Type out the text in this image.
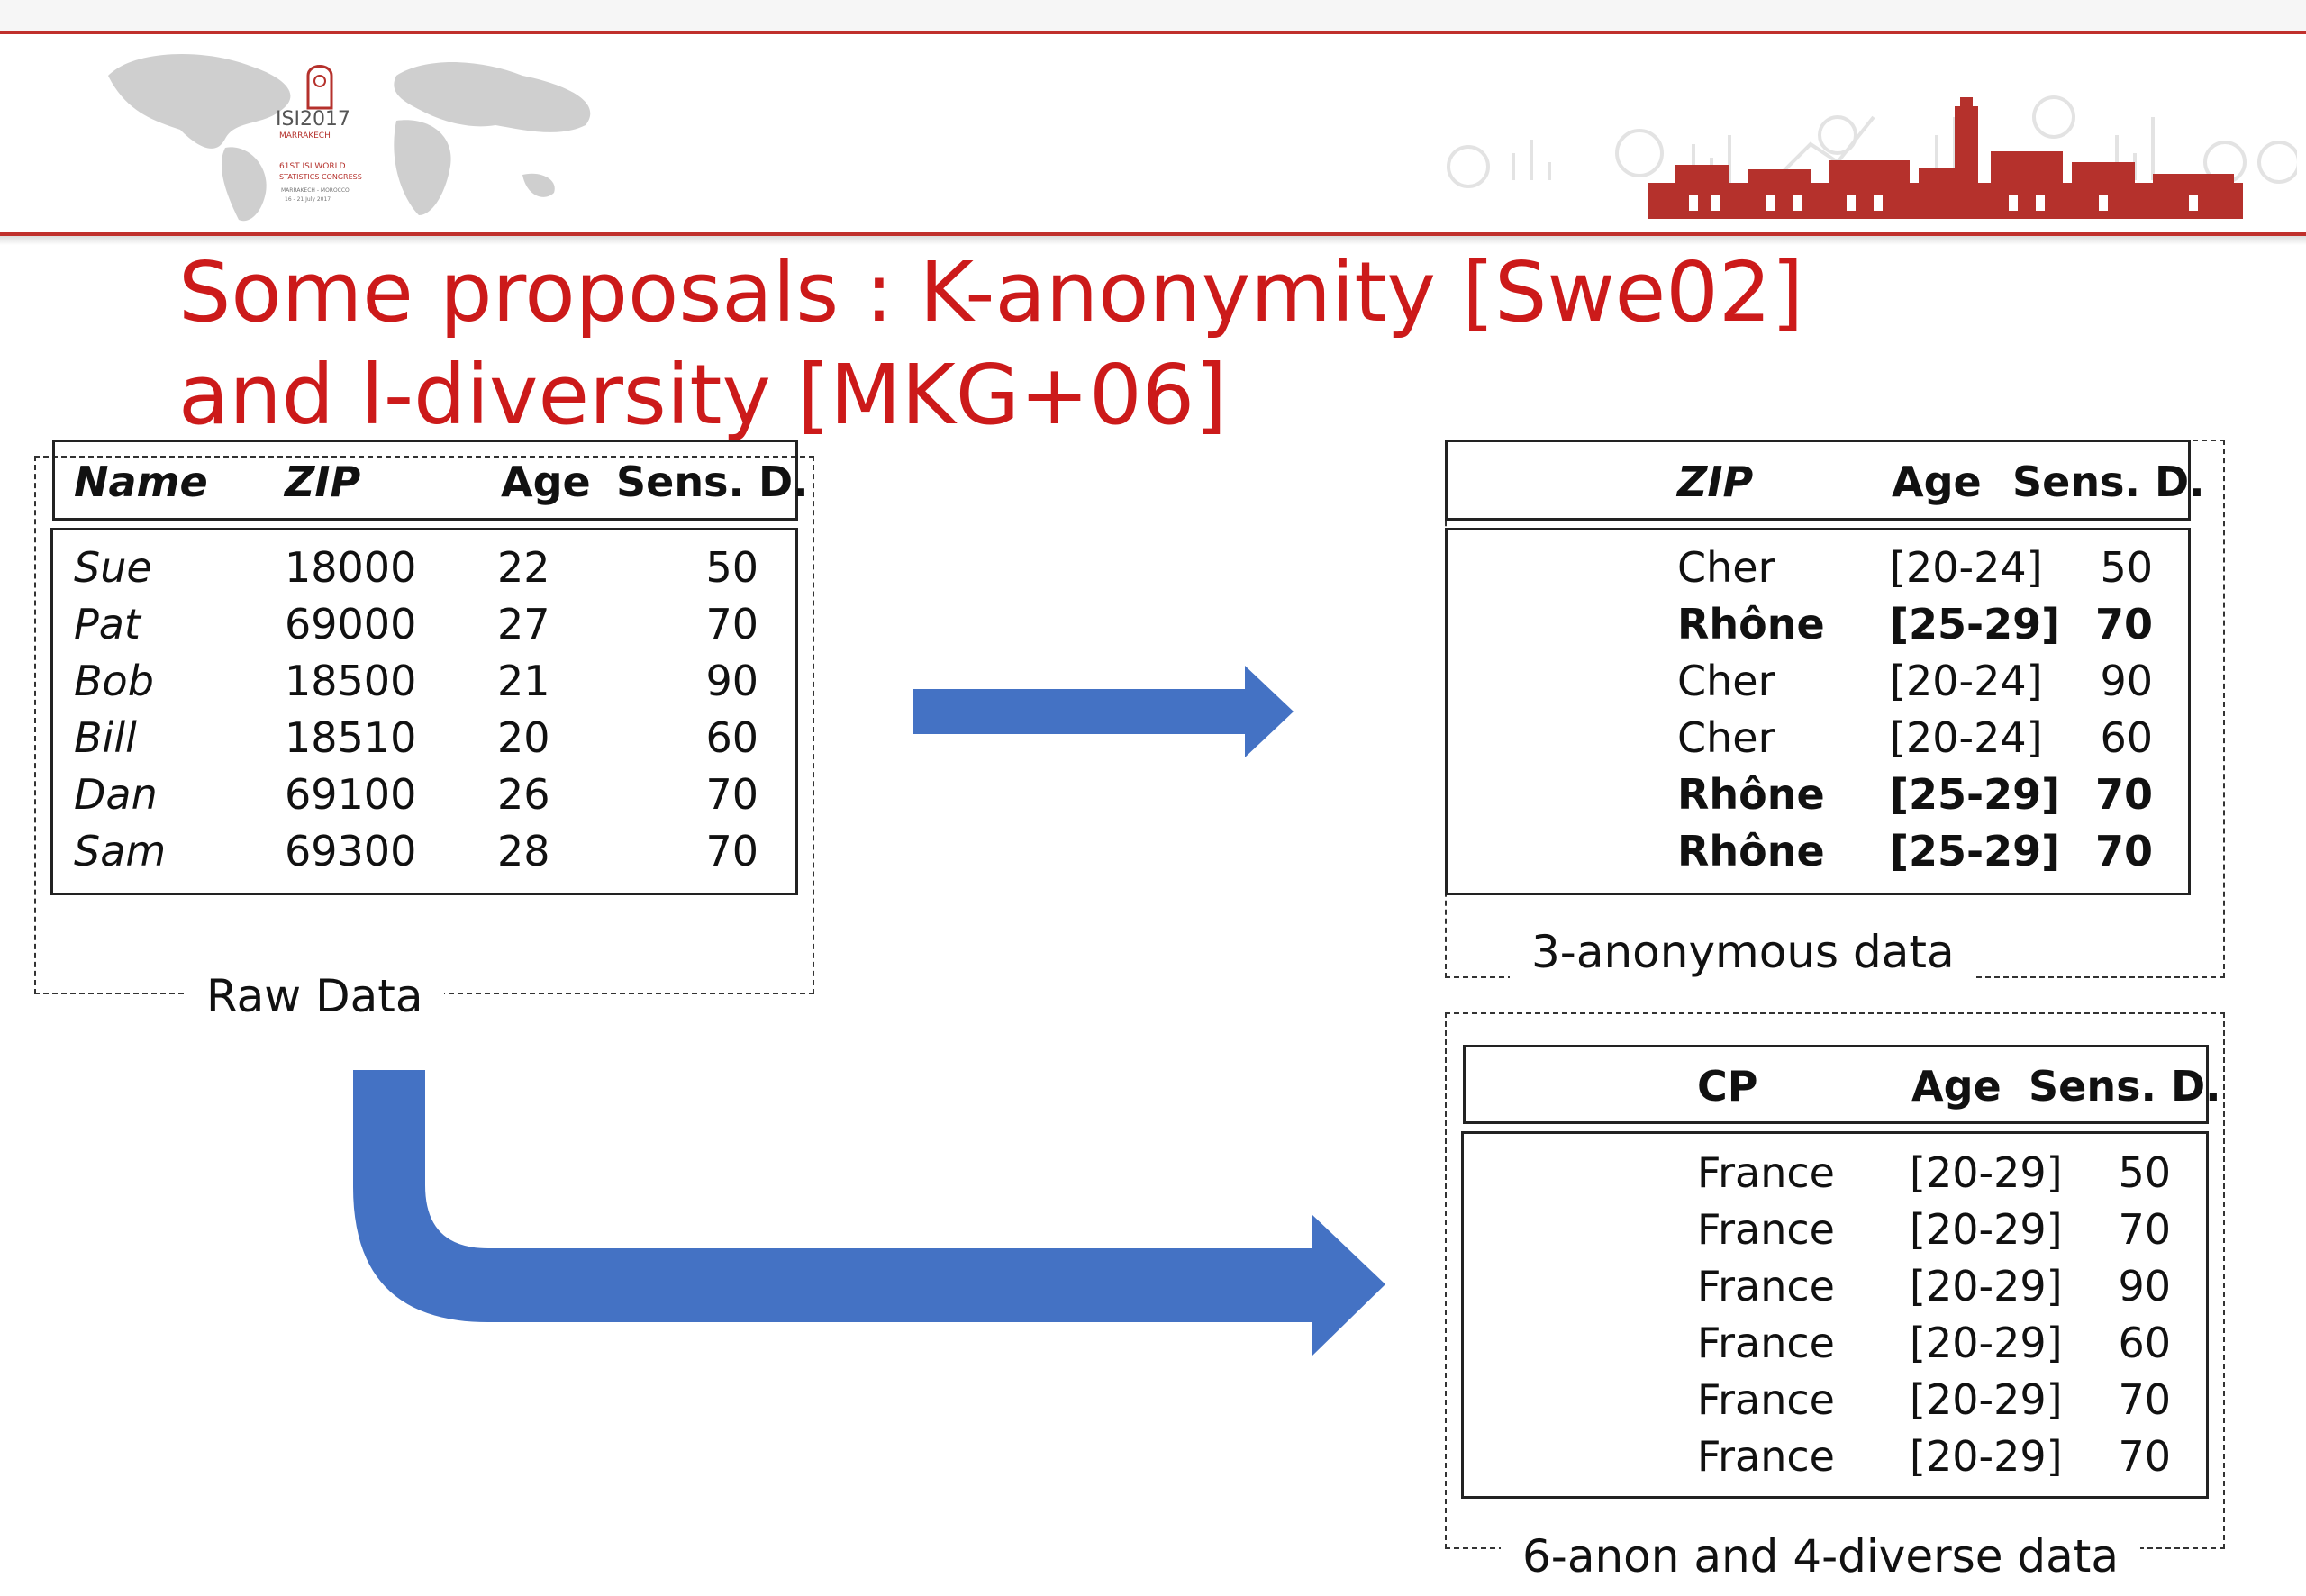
ISI2017
MARRAKECH
61ST ISI WORLD
STATISTICS CONGRESS
MARRAKECH - MOROCCO
16 - 21 July 2017
Some proposals : K-anonymity [Swe02] and l-diversity [MKG+06]
Name ZIP	Age Sens. D.
Sue	18000 22	50
Pat	69000 27	70
Bob	18500 21	90
Bill	18510 20	60
Dan	69100 26	70
Sam	69300 28	70
Raw Data
ZIP	Age Sens. D.
Cher	[20-24]	50
Rhône [25-29] 70
Cher	[20-24]	90
Cher	[20-24]	60
Rhône [25-29] 70
Rhône [25-29] 70
3-anonymous data
CP	Age Sens. D.
France [20-29]	50
France [20-29]	70
France [20-29]	90
France [20-29]	60
France [20-29]	70
France [20-29]	70
6-anon and 4-diverse data
